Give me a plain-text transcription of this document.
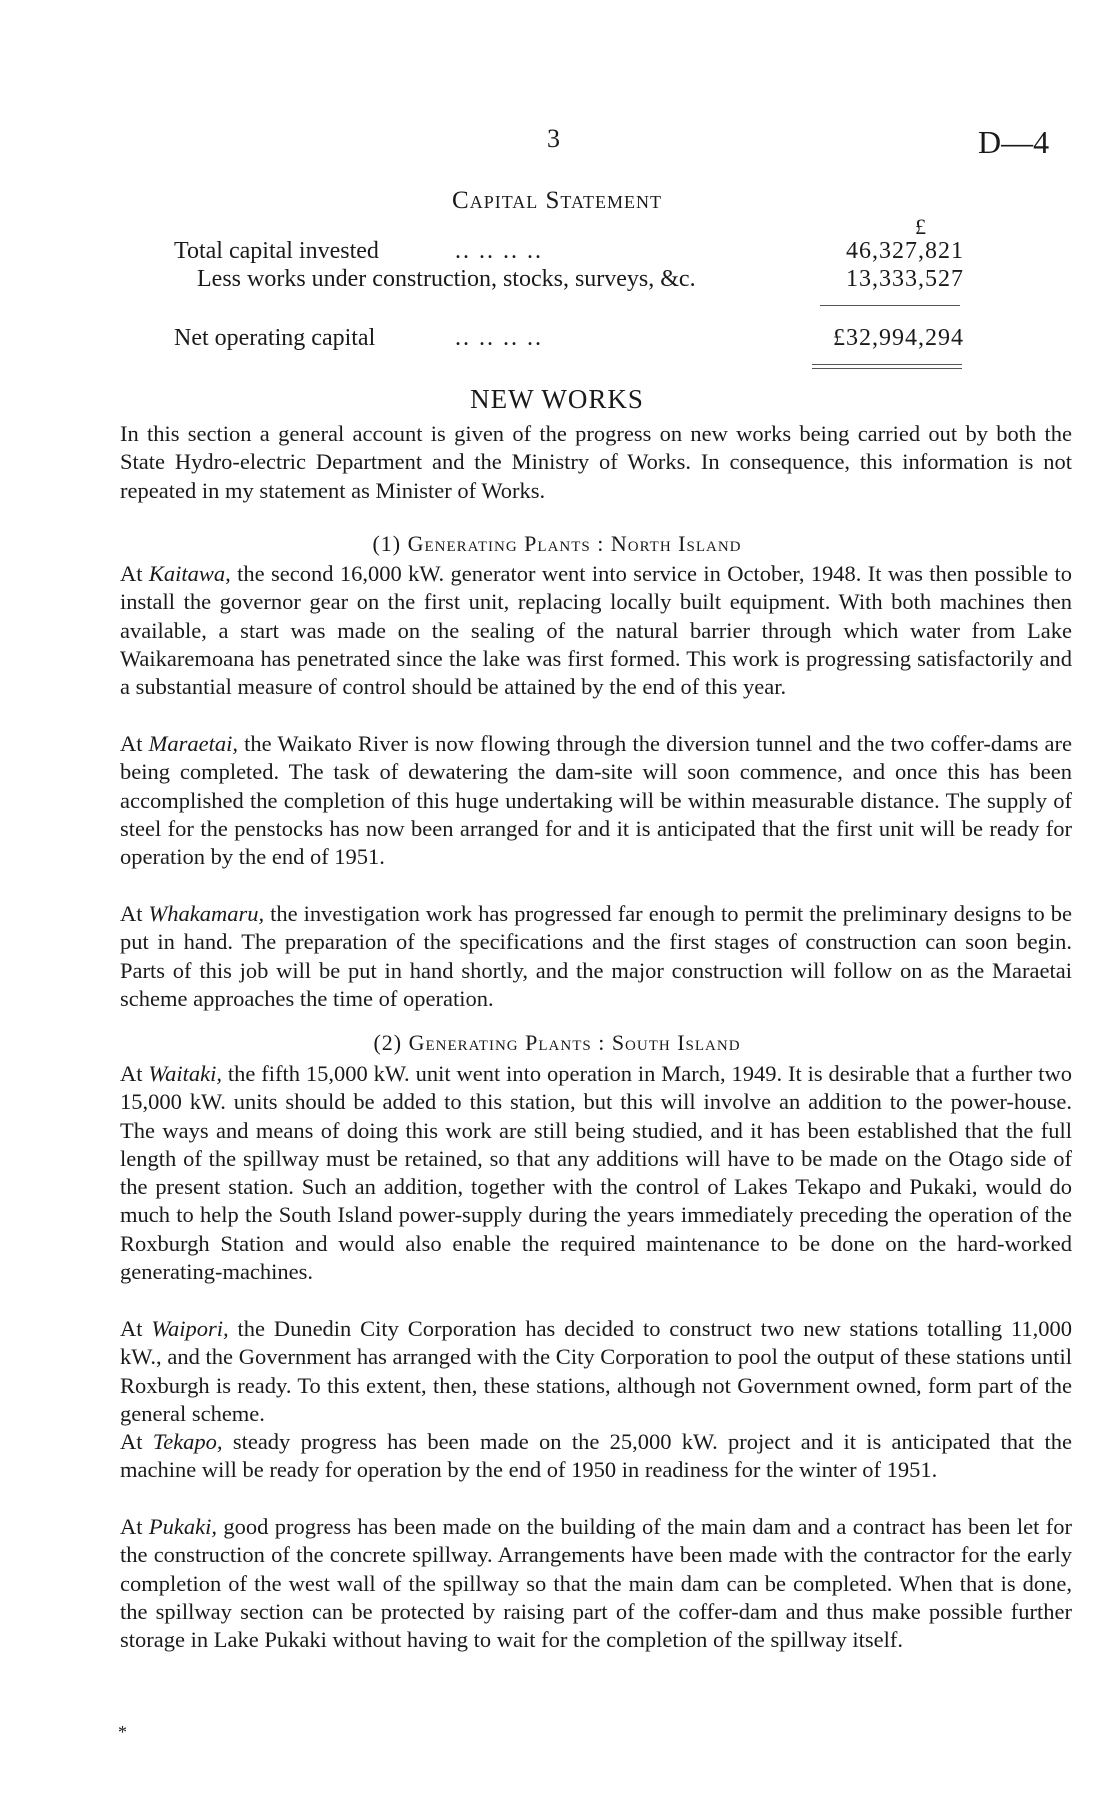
3	D—4
Capital Statement
£
Total capital invested	.. .. .. ..	46,327,821
Less works under construction, stocks, surveys, &c.	13,333,527
Net operating capital	.. .. .. ..	£32,994,294
NEW WORKS

In this section a general account is given of the progress on new works being carried out by both the State Hydro-electric Department and the Ministry of Works. In consequence, this information is not repeated in my statement as Minister of Works.

(1) Generating Plants : North Island

At Kaitawa, the second 16,000 kW. generator went into service in October, 1948. It was then possible to install the governor gear on the first unit, replacing locally built equipment. With both machines then available, a start was made on the sealing of the natural barrier through which water from Lake Waikaremoana has penetrated since the lake was first formed. This work is progressing satisfactorily and a substantial measure of control should be attained by the end of this year.

At Maraetai, the Waikato River is now flowing through the diversion tunnel and the two coffer-dams are being completed. The task of dewatering the dam-site will soon commence, and once this has been accomplished the completion of this huge undertaking will be within measurable distance. The supply of steel for the penstocks has now been arranged for and it is anticipated that the first unit will be ready for operation by the end of 1951.

At Whakamaru, the investigation work has progressed far enough to permit the preliminary designs to be put in hand. The preparation of the specifications and the first stages of construction can soon begin. Parts of this job will be put in hand shortly, and the major construction will follow on as the Maraetai scheme approaches the time of operation.

(2) Generating Plants : South Island

At Waitaki, the fifth 15,000 kW. unit went into operation in March, 1949. It is desirable that a further two 15,000 kW. units should be added to this station, but this will involve an addition to the power-house. The ways and means of doing this work are still being studied, and it has been established that the full length of the spillway must be retained, so that any additions will have to be made on the Otago side of the present station. Such an addition, together with the control of Lakes Tekapo and Pukaki, would do much to help the South Island power-supply during the years immediately preceding the operation of the Roxburgh Station and would also enable the required maintenance to be done on the hard-worked generating-machines.

At Waipori, the Dunedin City Corporation has decided to construct two new stations totalling 11,000 kW., and the Government has arranged with the City Corporation to pool the output of these stations until Roxburgh is ready. To this extent, then, these stations, although not Government owned, form part of the general scheme.

At Tekapo, steady progress has been made on the 25,000 kW. project and it is anticipated that the machine will be ready for operation by the end of 1950 in readiness for the winter of 1951.

At Pukaki, good progress has been made on the building of the main dam and a contract has been let for the construction of the concrete spillway. Arrangements have been made with the contractor for the early completion of the west wall of the spillway so that the main dam can be completed. When that is done, the spillway section can be protected by raising part of the coffer-dam and thus make possible further storage in Lake Pukaki without having to wait for the completion of the spillway itself.

*
